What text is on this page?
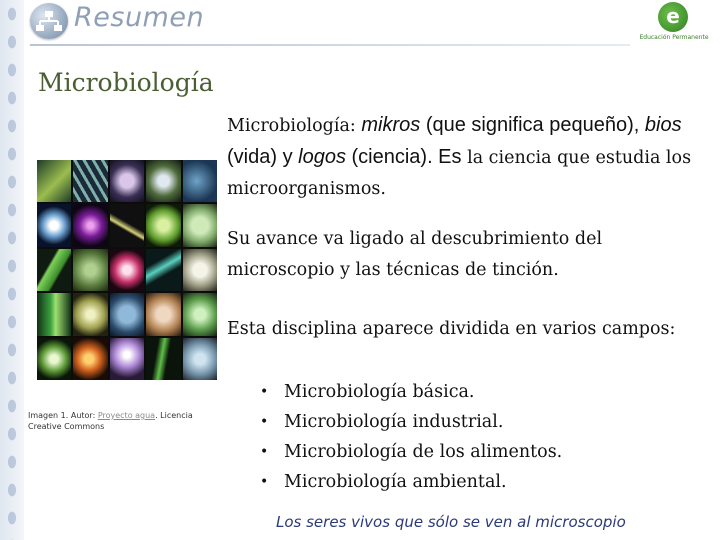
Resumen	e
Educación Permanente
Microbiología
Imagen 1. Autor: Proyecto agua. Licencia Creative Commons

Microbiología: mikros (que significa pequeño), bios (vida) y logos (ciencia). Es la ciencia que estudia los microorganismos.

Su avance va ligado al descubrimiento del microscopio y las técnicas de tinción.

Esta disciplina aparece dividida en varios campos:

• Microbiología básica.
• Microbiología industrial.
• Microbiología de los alimentos.
• Microbiología ambiental.
Los seres vivos que sólo se ven al microscopio
